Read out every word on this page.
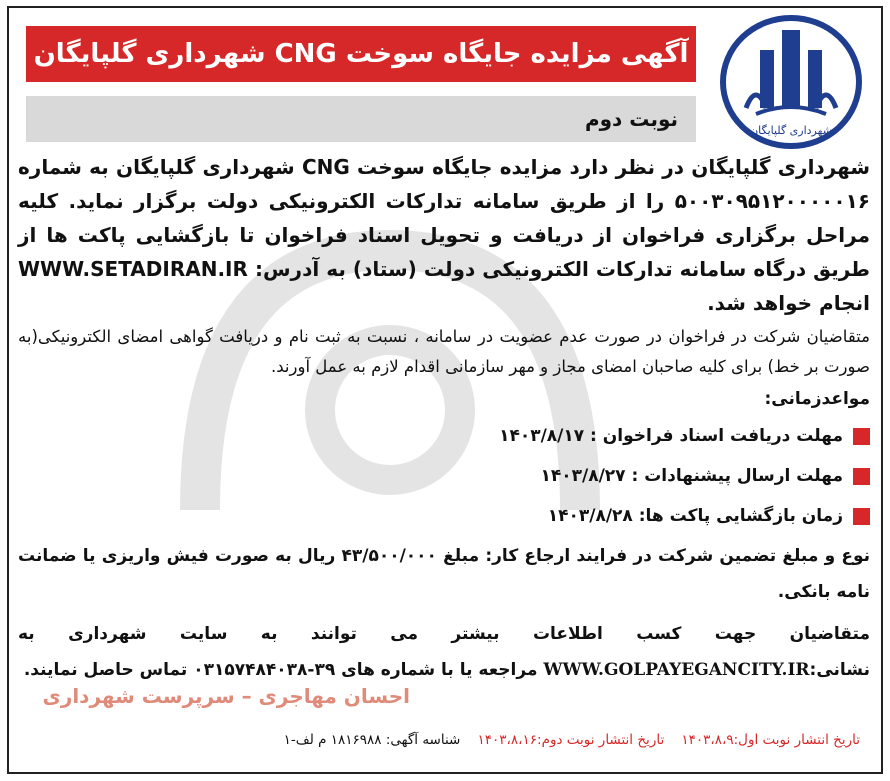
آگهی مزایده جایگاه سوخت CNG شهرداری گلپایگان
نوبت دوم	شهرداری گلپایگان
شهرداری گلپایگان در نظر دارد مزایده جایگاه سوخت CNG شهرداری گلپایگان به شماره ۵۰۰۳۰۹۵۱۲۰۰۰۰۰۱۶ را از طریق سامانه تدارکات الکترونیکی دولت برگزار نماید. کلیه مراحل برگزاری فراخوان از دریافت و تحویل اسناد فراخوان تا بازگشایی پاکت ها از طریق درگاه سامانه تدارکات الکترونیکی دولت (ستاد) به آدرس: WWW.SETADIRAN.IR انجام خواهد شد.
متقاضیان شرکت در فراخوان در صورت عدم عضویت در سامانه ، نسبت به ثبت نام و دریافت گواهی امضای الکترونیکی(به صورت بر خط) برای کلیه صاحبان امضای مجاز و مهر سازمانی اقدام لازم به عمل آورند.
مواعدزمانی:
مهلت دریافت اسناد فراخوان : ۱۴۰۳/۸/۱۷
مهلت ارسال پیشنهادات : ۱۴۰۳/۸/۲۷
زمان بازگشایی پاکت ها: ۱۴۰۳/۸/۲۸
نوع و مبلغ تضمین شرکت در فرایند ارجاع کار: مبلغ ۴۳/۵۰۰/۰۰۰ ریال به صورت فیش واریزی یا ضمانت نامه بانکی.
متقاضیان جهت کسب اطلاعات بیشتر می توانند به سایت شهرداری به نشانی:WWW.GOLPAYEGANCITY.IR مراجعه یا با شماره های ۳۹-۰۳۱۵۷۴۸۴۰۳۸ تماس حاصل نمایند.
احسان مهاجری – سرپرست شهرداری
تاریخ انتشار نوبت اول:۱۴۰۳،۸،۹    تاریخ انتشار نوبت دوم:۱۴۰۳،۸،۱۶    شناسه آگهی: ۱۸۱۶۹۸۸ م لف-۱
